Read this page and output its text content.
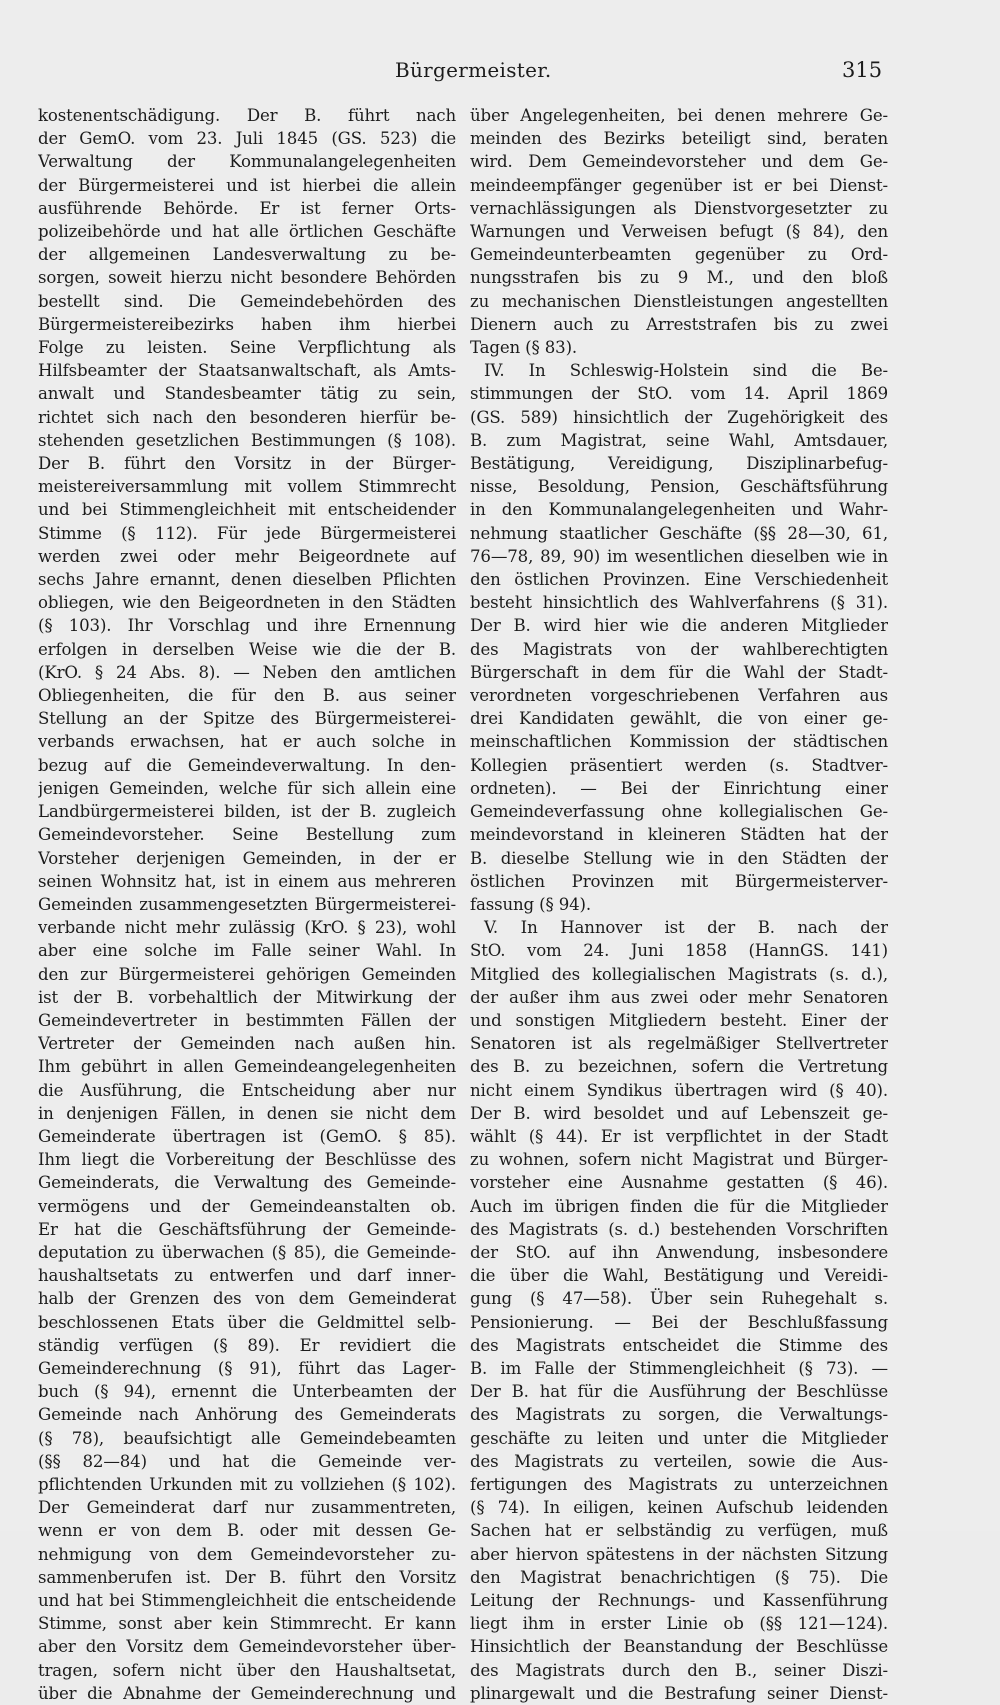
Bürgermeister.	315

kostenentschädigung. Der B. führt nach

der GemO. vom 23. Juli 1845 (GS. 523) die

Verwaltung der Kommunalangelegenheiten

der Bürgermeisterei und ist hierbei die allein

ausführende Behörde. Er ist ferner Orts-

polizeibehörde und hat alle örtlichen Geschäfte

der allgemeinen Landesverwaltung zu be-

sorgen, soweit hierzu nicht besondere Behörden

bestellt sind. Die Gemeindebehörden des

Bürgermeistereibezirks haben ihm hierbei

Folge zu leisten. Seine Verpflichtung als

Hilfsbeamter der Staatsanwaltschaft, als Amts-

anwalt und Standesbeamter tätig zu sein,

richtet sich nach den besonderen hierfür be-

stehenden gesetzlichen Bestimmungen (§ 108).

Der B. führt den Vorsitz in der Bürger-

meistereiversammlung mit vollem Stimmrecht

und bei Stimmengleichheit mit entscheidender

Stimme (§ 112). Für jede Bürgermeisterei

werden zwei oder mehr Beigeordnete auf

sechs Jahre ernannt, denen dieselben Pflichten

obliegen, wie den Beigeordneten in den Städten

(§ 103). Ihr Vorschlag und ihre Ernennung

erfolgen in derselben Weise wie die der B.

(KrO. § 24 Abs. 8). — Neben den amtlichen

Obliegenheiten, die für den B. aus seiner

Stellung an der Spitze des Bürgermeisterei-

verbands erwachsen, hat er auch solche in

bezug auf die Gemeindeverwaltung. In den-

jenigen Gemeinden, welche für sich allein eine

Landbürgermeisterei bilden, ist der B. zugleich

Gemeindevorsteher. Seine Bestellung zum

Vorsteher derjenigen Gemeinden, in der er

seinen Wohnsitz hat, ist in einem aus mehreren

Gemeinden zusammengesetzten Bürgermeisterei-

verbande nicht mehr zulässig (KrO. § 23), wohl

aber eine solche im Falle seiner Wahl. In

den zur Bürgermeisterei gehörigen Gemeinden

ist der B. vorbehaltlich der Mitwirkung der

Gemeindevertreter in bestimmten Fällen der

Vertreter der Gemeinden nach außen hin.

Ihm gebührt in allen Gemeindeangelegenheiten

die Ausführung, die Entscheidung aber nur

in denjenigen Fällen, in denen sie nicht dem

Gemeinderate übertragen ist (GemO. § 85).

Ihm liegt die Vorbereitung der Beschlüsse des

Gemeinderats, die Verwaltung des Gemeinde-

vermögens und der Gemeindeanstalten ob.

Er hat die Geschäftsführung der Gemeinde-

deputation zu überwachen (§ 85), die Gemeinde-

haushaltsetats zu entwerfen und darf inner-

halb der Grenzen des von dem Gemeinderat

beschlossenen Etats über die Geldmittel selb-

ständig verfügen (§ 89). Er revidiert die

Gemeinderechnung (§ 91), führt das Lager-

buch (§ 94), ernennt die Unterbeamten der

Gemeinde nach Anhörung des Gemeinderats

(§ 78), beaufsichtigt alle Gemeindebeamten

(§§ 82—84) und hat die Gemeinde ver-

pflichtenden Urkunden mit zu vollziehen (§ 102).

Der Gemeinderat darf nur zusammentreten,

wenn er von dem B. oder mit dessen Ge-

nehmigung von dem Gemeindevorsteher zu-

sammenberufen ist. Der B. führt den Vorsitz

und hat bei Stimmengleichheit die entscheidende

Stimme, sonst aber kein Stimmrecht. Er kann

aber den Vorsitz dem Gemeindevorsteher über-

tragen, sofern nicht über den Haushaltsetat,

über die Abnahme der Gemeinderechnung und

über Angelegenheiten, bei denen mehrere Ge-

meinden des Bezirks beteiligt sind, beraten

wird. Dem Gemeindevorsteher und dem Ge-

meindeempfänger gegenüber ist er bei Dienst-

vernachlässigungen als Dienstvorgesetzter zu

Warnungen und Verweisen befugt (§ 84), den

Gemeindeunterbeamten gegenüber zu Ord-

nungsstrafen bis zu 9 M., und den bloß

zu mechanischen Dienstleistungen angestellten

Dienern auch zu Arreststrafen bis zu zwei

Tagen (§ 83).

IV. In Schleswig-Holstein sind die Be-

stimmungen der StO. vom 14. April 1869

(GS. 589) hinsichtlich der Zugehörigkeit des

B. zum Magistrat, seine Wahl, Amtsdauer,

Bestätigung, Vereidigung, Disziplinarbefug-

nisse, Besoldung, Pension, Geschäftsführung

in den Kommunalangelegenheiten und Wahr-

nehmung staatlicher Geschäfte (§§ 28—30, 61,

76—78, 89, 90) im wesentlichen dieselben wie in

den östlichen Provinzen. Eine Verschiedenheit

besteht hinsichtlich des Wahlverfahrens (§ 31).

Der B. wird hier wie die anderen Mitglieder

des Magistrats von der wahlberechtigten

Bürgerschaft in dem für die Wahl der Stadt-

verordneten vorgeschriebenen Verfahren aus

drei Kandidaten gewählt, die von einer ge-

meinschaftlichen Kommission der städtischen

Kollegien präsentiert werden (s. Stadtver-

ordneten). — Bei der Einrichtung einer

Gemeindeverfassung ohne kollegialischen Ge-

meindevorstand in kleineren Städten hat der

B. dieselbe Stellung wie in den Städten der

östlichen Provinzen mit Bürgermeisterver-

fassung (§ 94).

V. In Hannover ist der B. nach der

StO. vom 24. Juni 1858 (HannGS. 141)

Mitglied des kollegialischen Magistrats (s. d.),

der außer ihm aus zwei oder mehr Senatoren

und sonstigen Mitgliedern besteht. Einer der

Senatoren ist als regelmäßiger Stellvertreter

des B. zu bezeichnen, sofern die Vertretung

nicht einem Syndikus übertragen wird (§ 40).

Der B. wird besoldet und auf Lebenszeit ge-

wählt (§ 44). Er ist verpflichtet in der Stadt

zu wohnen, sofern nicht Magistrat und Bürger-

vorsteher eine Ausnahme gestatten (§ 46).

Auch im übrigen finden die für die Mitglieder

des Magistrats (s. d.) bestehenden Vorschriften

der StO. auf ihn Anwendung, insbesondere

die über die Wahl, Bestätigung und Vereidi-

gung (§ 47—58). Über sein Ruhegehalt s.

Pensionierung. — Bei der Beschlußfassung

des Magistrats entscheidet die Stimme des

B. im Falle der Stimmengleichheit (§ 73). —

Der B. hat für die Ausführung der Beschlüsse

des Magistrats zu sorgen, die Verwaltungs-

geschäfte zu leiten und unter die Mitglieder

des Magistrats zu verteilen, sowie die Aus-

fertigungen des Magistrats zu unterzeichnen

(§ 74). In eiligen, keinen Aufschub leidenden

Sachen hat er selbständig zu verfügen, muß

aber hiervon spätestens in der nächsten Sitzung

den Magistrat benachrichtigen (§ 75). Die

Leitung der Rechnungs- und Kassenführung

liegt ihm in erster Linie ob (§§ 121—124).

Hinsichtlich der Beanstandung der Beschlüsse

des Magistrats durch den B., seiner Diszi-

plinargewalt und die Bestrafung seiner Dienst-
